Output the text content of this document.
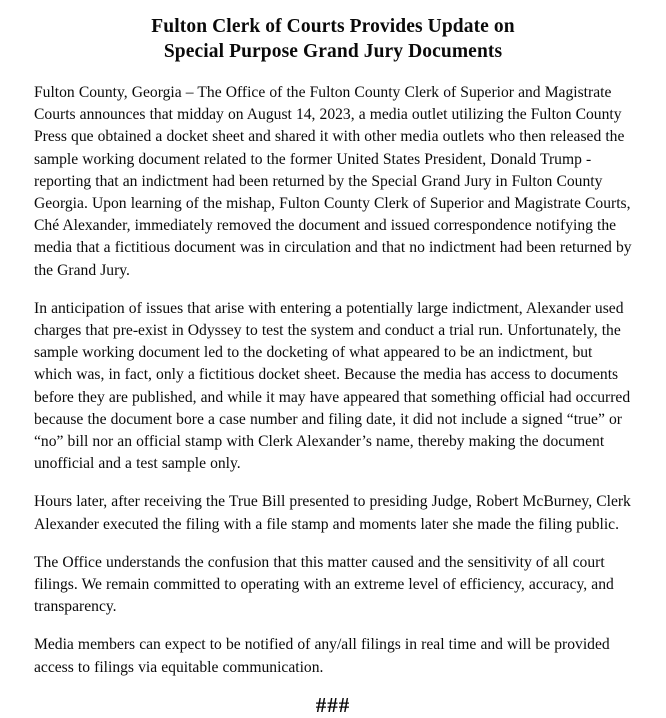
Fulton Clerk of Courts Provides Update on
Special Purpose Grand Jury Documents

Fulton County, Georgia – The Office of the Fulton County Clerk of Superior and Magistrate Courts announces that midday on August 14, 2023, a media outlet utilizing the Fulton County Press que obtained a docket sheet and shared it with other media outlets who then released the sample working document related to the former United States President, Donald Trump - reporting that an indictment had been returned by the Special Grand Jury in Fulton County Georgia. Upon learning of the mishap, Fulton County Clerk of Superior and Magistrate Courts, Ché Alexander, immediately removed the document and issued correspondence notifying the media that a fictitious document was in circulation and that no indictment had been returned by the Grand Jury.

In anticipation of issues that arise with entering a potentially large indictment, Alexander used charges that pre-exist in Odyssey to test the system and conduct a trial run. Unfortunately, the sample working document led to the docketing of what appeared to be an indictment, but which was, in fact, only a fictitious docket sheet. Because the media has access to documents before they are published, and while it may have appeared that something official had occurred because the document bore a case number and filing date, it did not include a signed “true” or “no” bill nor an official stamp with Clerk Alexander’s name, thereby making the document unofficial and a test sample only.

Hours later, after receiving the True Bill presented to presiding Judge, Robert McBurney, Clerk Alexander executed the filing with a file stamp and moments later she made the filing public.

The Office understands the confusion that this matter caused and the sensitivity of all court filings. We remain committed to operating with an extreme level of efficiency, accuracy, and transparency.

Media members can expect to be notified of any/all filings in real time and will be provided access to filings via equitable communication.

###
